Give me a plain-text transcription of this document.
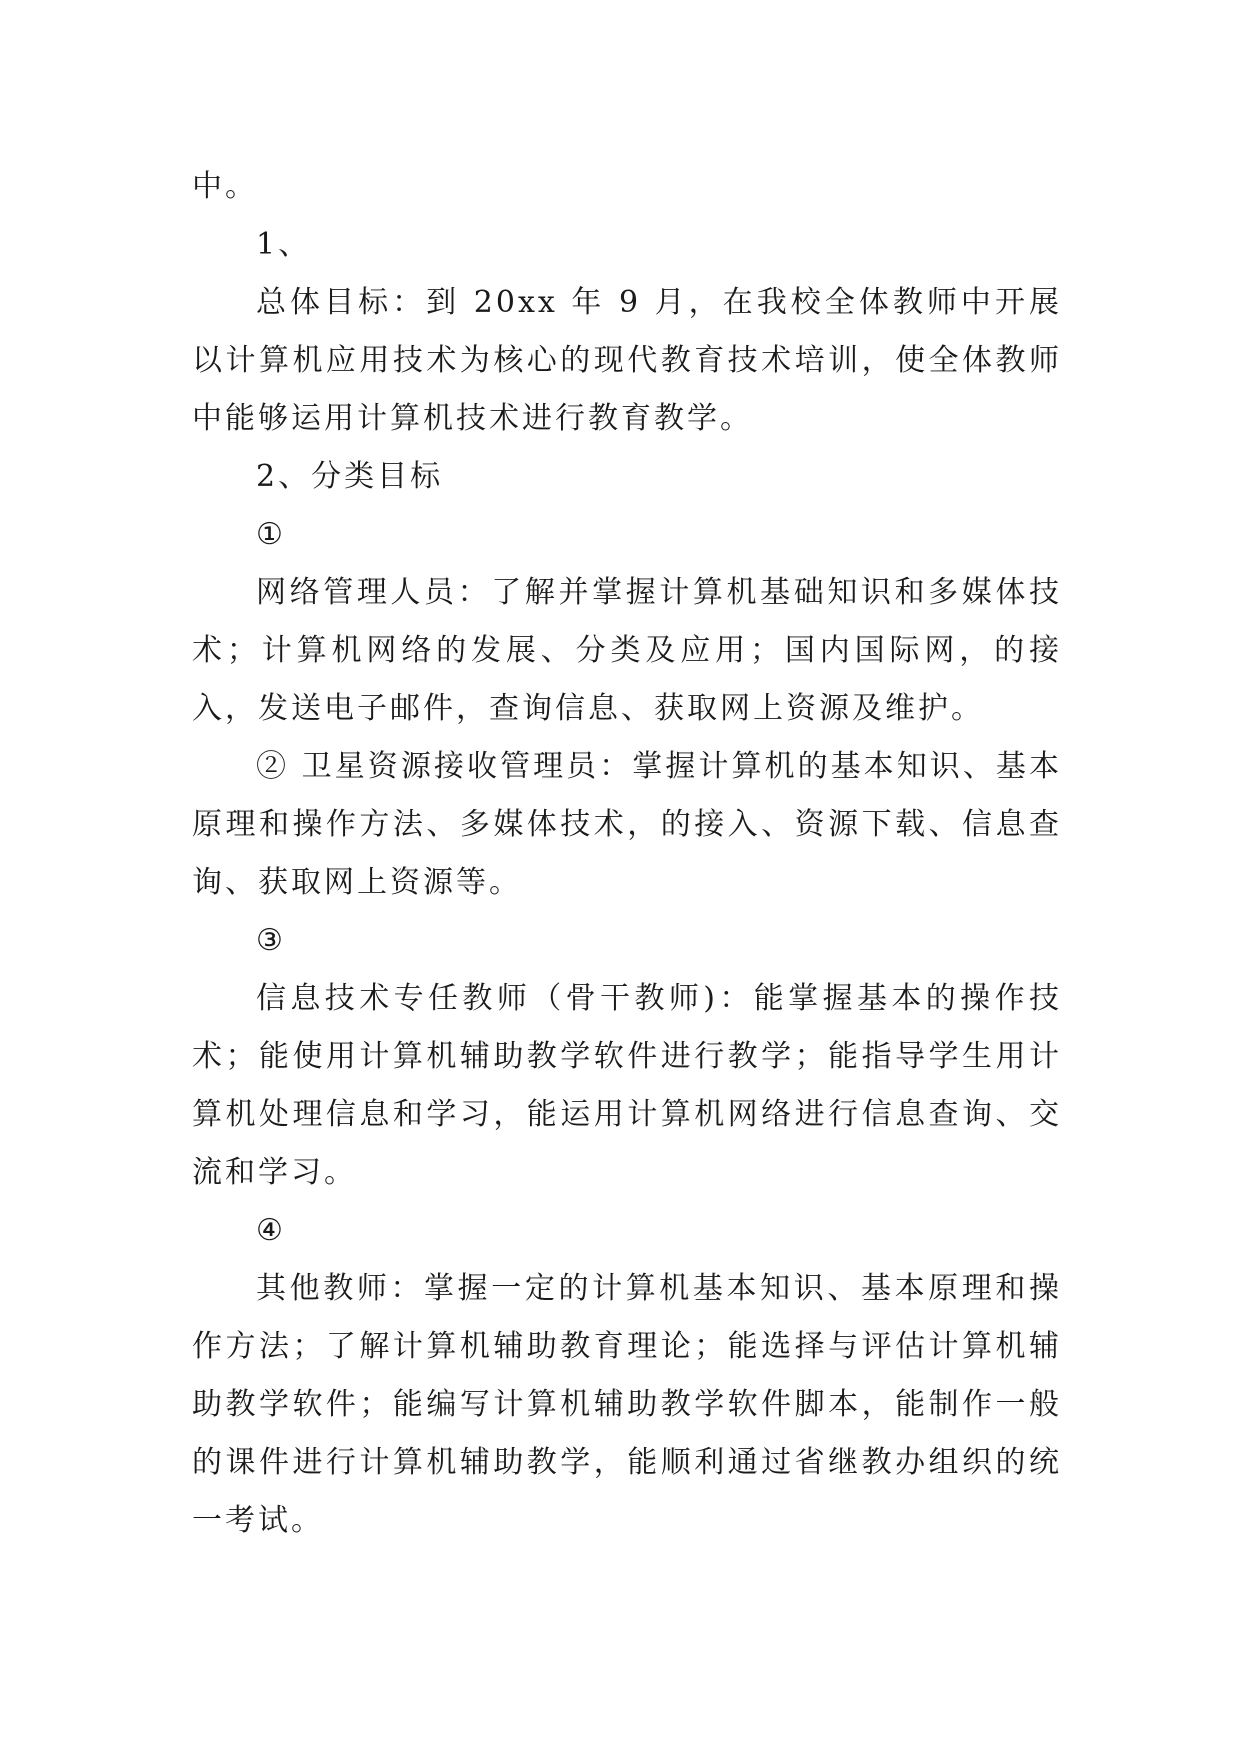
中。

1、

总体目标：到 20xx 年 9 月，在我校全体教师中开展以计算机应用技术为核心的现代教育技术培训，使全体教师中能够运用计算机技术进行教育教学。

2、分类目标

①

网络管理人员：了解并掌握计算机基础知识和多媒体技术；计算机网络的发展、分类及应用；国内国际网，的接入，发送电子邮件，查询信息、获取网上资源及维护。

② 卫星资源接收管理员：掌握计算机的基本知识、基本原理和操作方法、多媒体技术，的接入、资源下载、信息查询、获取网上资源等。

③

信息技术专任教师（骨干教师)：能掌握基本的操作技术；能使用计算机辅助教学软件进行教学；能指导学生用计算机处理信息和学习，能运用计算机网络进行信息查询、交流和学习。

④

其他教师：掌握一定的计算机基本知识、基本原理和操作方法；了解计算机辅助教育理论；能选择与评估计算机辅助教学软件；能编写计算机辅助教学软件脚本，能制作一般的课件进行计算机辅助教学，能顺利通过省继教办组织的统一考试。
